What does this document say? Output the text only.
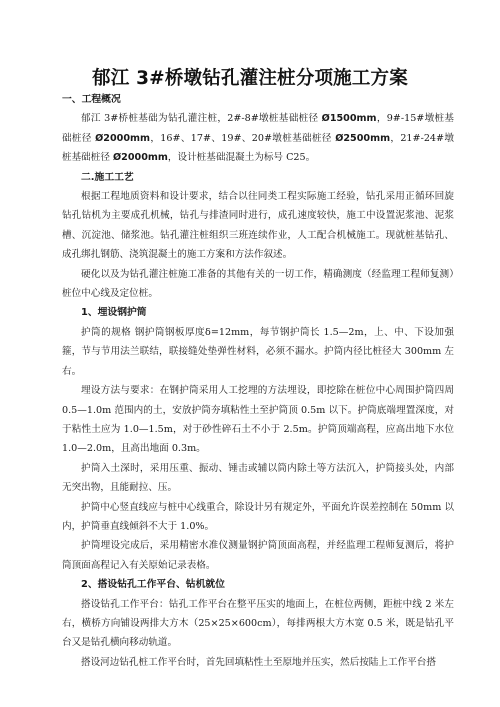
郁江 3#桥墩钻孔灌注桩分项施工方案

一、工程概况

郁江 3#桥桩基础为钻孔灌注桩，2#-8#墩桩基础桩径 Ø1500mm，9#-15#墩桩基础桩径 Ø2000mm，16#、17#、19#、20#墩桩基础桩径 Ø2500mm，21#-24#墩桩基础桩径 Ø2000mm，设计桩基础混凝土为标号 C25。

二.施工工艺

根据工程地质资料和设计要求，结合以往同类工程实际施工经验，钻孔采用正循环回旋钻孔钻机为主要成孔机械，钻孔与排渣同时进行，成孔速度较快，施工中设置泥浆池、泥浆槽、沉淀池、储浆池。钻孔灌注桩组织三班连续作业，人工配合机械施工。现就桩基钻孔、成孔绑扎钢筋、浇筑混凝土的施工方案和方法作叙述。

硬化以及为钻孔灌注桩施工准备的其他有关的一切工作，精确测度（经监理工程师复测）桩位中心线及定位桩。

1、埋设钢护筒

护筒的规格 钢护筒钢板厚度δ=12mm，每节钢护筒长 1.5—2m，上、中、下设加强箍，节与节用法兰联结，联接缝处垫弹性材料，必须不漏水。护筒内径比桩径大 300mm 左右。

埋设方法与要求：在钢护筒采用人工挖埋的方法埋设，即挖除在桩位中心周围护筒四周 0.5—1.0m 范围内的土，安放护筒夯填粘性土至护筒顶 0.5m 以下。护筒底端埋置深度，对于粘性土应为 1.0—1.5m，对于砂性碎石土不小于 2.5m。护筒顶端高程，应高出地下水位 1.0—2.0m，且高出地面 0.3m。

护筒入土深时，采用压重、振动、锤击或辅以筒内除土等方法沉入，护筒接头处，内部无突出物，且能耐拉、压。

护筒中心竖直线应与桩中心线重合，除设计另有规定外，平面允许误差控制在 50mm 以内，护筒垂直线倾斜不大于 1.0%。

护筒埋设完成后，采用精密水准仪测量钢护筒顶面高程，并经监理工程师复测后，将护筒顶面高程记入有关原始记录表格。

2、搭设钻孔工作平台、钻机就位

搭设钻孔工作平台：钻孔工作平台在整平压实的地面上，在桩位两侧，距桩中线 2 米左右，横桥方向铺设两排大方木（25×25×600cm），每排两根大方木宽 0.5 米，既是钻孔平台又是钻孔横向移动轨道。

搭设河边钻孔桩工作平台时，首先回填粘性土至原地并压实，然后按陆上工作平台搭
